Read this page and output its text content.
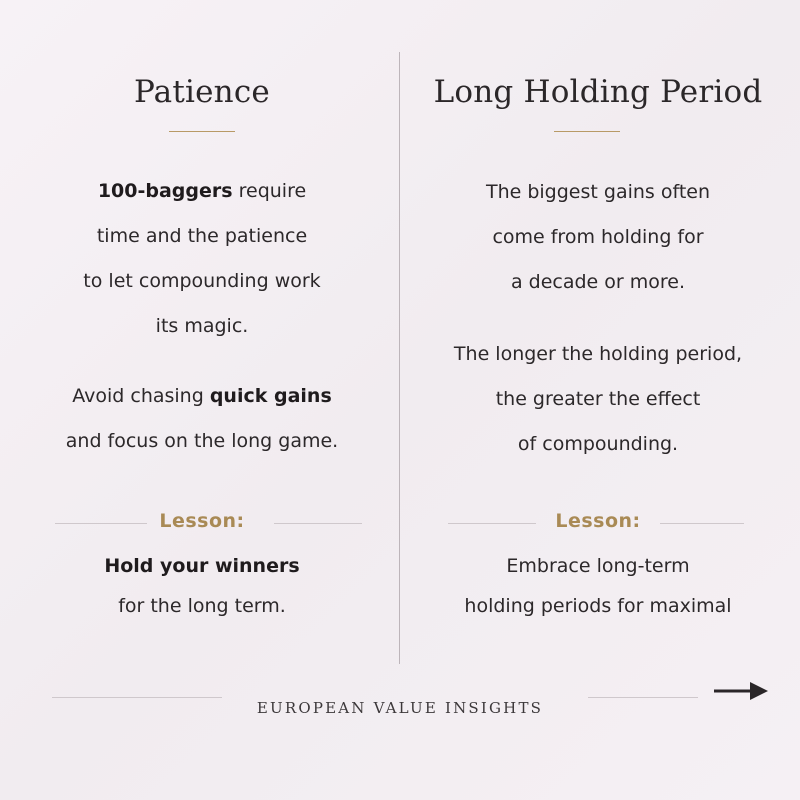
Patience
100-baggers require
time and the patience
to let compounding work
its magic.
Avoid chasing quick gains
and focus on the long game.
Lesson:
Hold your winners
for the long term.
Long Holding Period
The biggest gains often
come from holding for
a decade or more.
The longer the holding period,
the greater the effect
of compounding.
Lesson:
Embrace long-term
holding periods for maximal
EUROPEAN VALUE INSIGHTS
